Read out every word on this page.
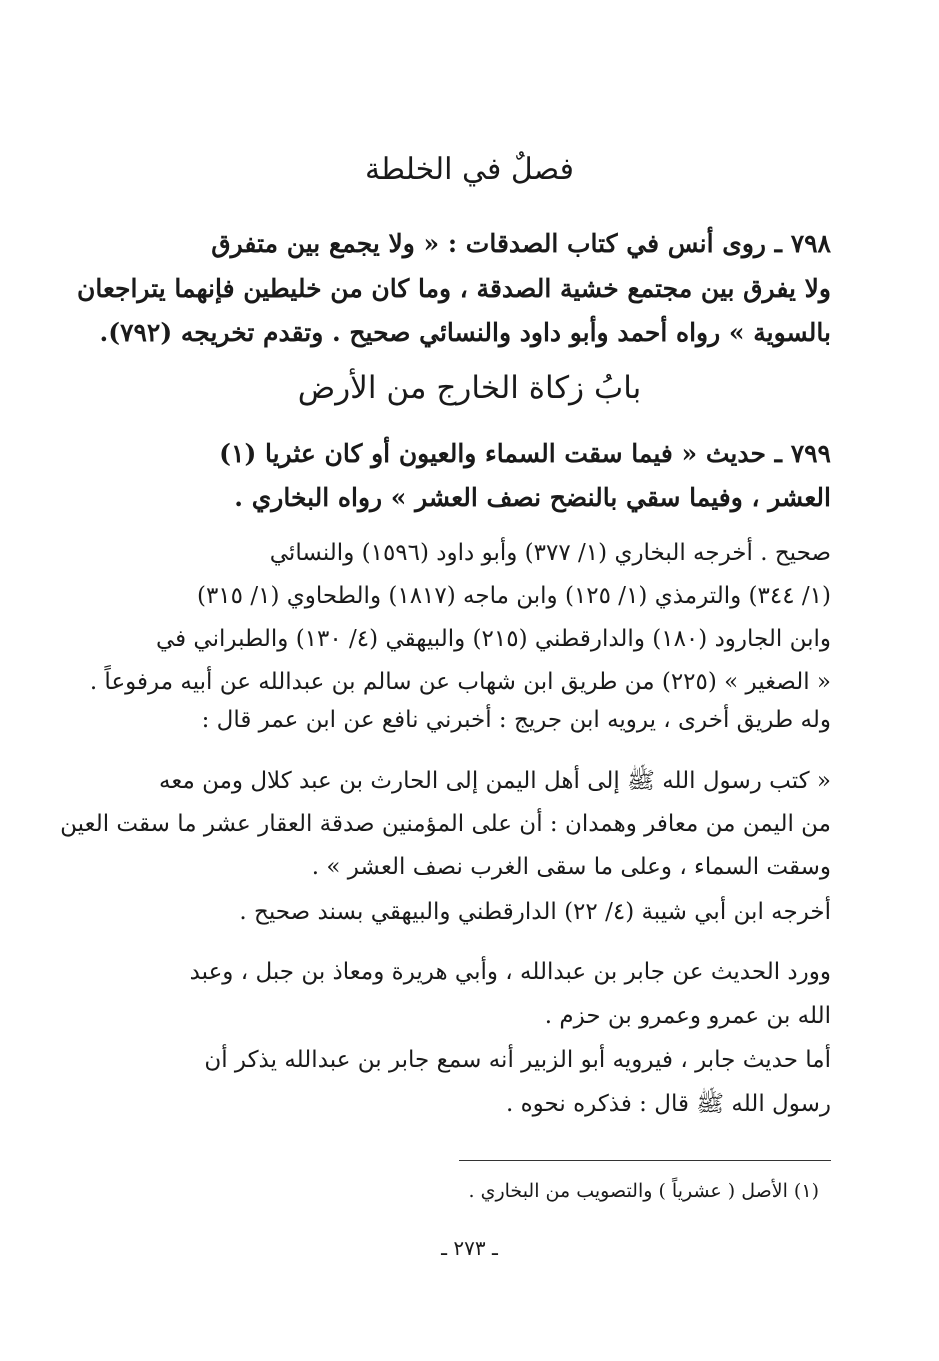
فصلٌ في الخلطة
٧٩٨ ـ روى أنس في كتاب الصدقات : « ولا يجمع بين متفرق
ولا يفرق بين مجتمع خشية الصدقة ، وما كان من خليطين فإنهما يتراجعان
بالسوية » رواه أحمد وأبو داود والنسائي صحيح . وتقدم تخريجه (٧٩٢).
بابُ زكاة الخارج من الأرض
٧٩٩ ـ حديث « فيما سقت السماء والعيون أو كان عثريا (١)
العشر ، وفيما سقي بالنضح نصف العشر » رواه البخاري .
صحيح . أخرجه البخاري (١/ ٣٧٧) وأبو داود (١٥٩٦) والنسائي
(١/ ٣٤٤) والترمذي (١/ ١٢٥) وابن ماجه (١٨١٧) والطحاوي (١/ ٣١٥)
وابن الجارود (١٨٠) والدارقطني (٢١٥) والبيهقي (٤/ ١٣٠) والطبراني في
« الصغير » (٢٢٥) من طريق ابن شهاب عن سالم بن عبدالله عن أبيه مرفوعاً .
وله طريق أخرى ، يرويه ابن جريج : أخبرني نافع عن ابن عمر قال :
« كتب رسول الله ﷺ إلى أهل اليمن إلى الحارث بن عبد كلال ومن معه
من اليمن من معافر وهمدان : أن على المؤمنين صدقة العقار عشر ما سقت العين
وسقت السماء ، وعلى ما سقى الغرب نصف العشر » .
أخرجه ابن أبي شيبة (٤/ ٢٢) الدارقطني والبيهقي بسند صحيح .
وورد الحديث عن جابر بن عبدالله ، وأبي هريرة ومعاذ بن جبل ، وعبد
الله بن عمرو وعمرو بن حزم .
أما حديث جابر ، فيرويه أبو الزبير أنه سمع جابر بن عبدالله يذكر أن
رسول الله ﷺ قال : فذكره نحوه .
(١) الأصل ( عشرياً ) والتصويب من البخاري .
ـ ٢٧٣ ـ
